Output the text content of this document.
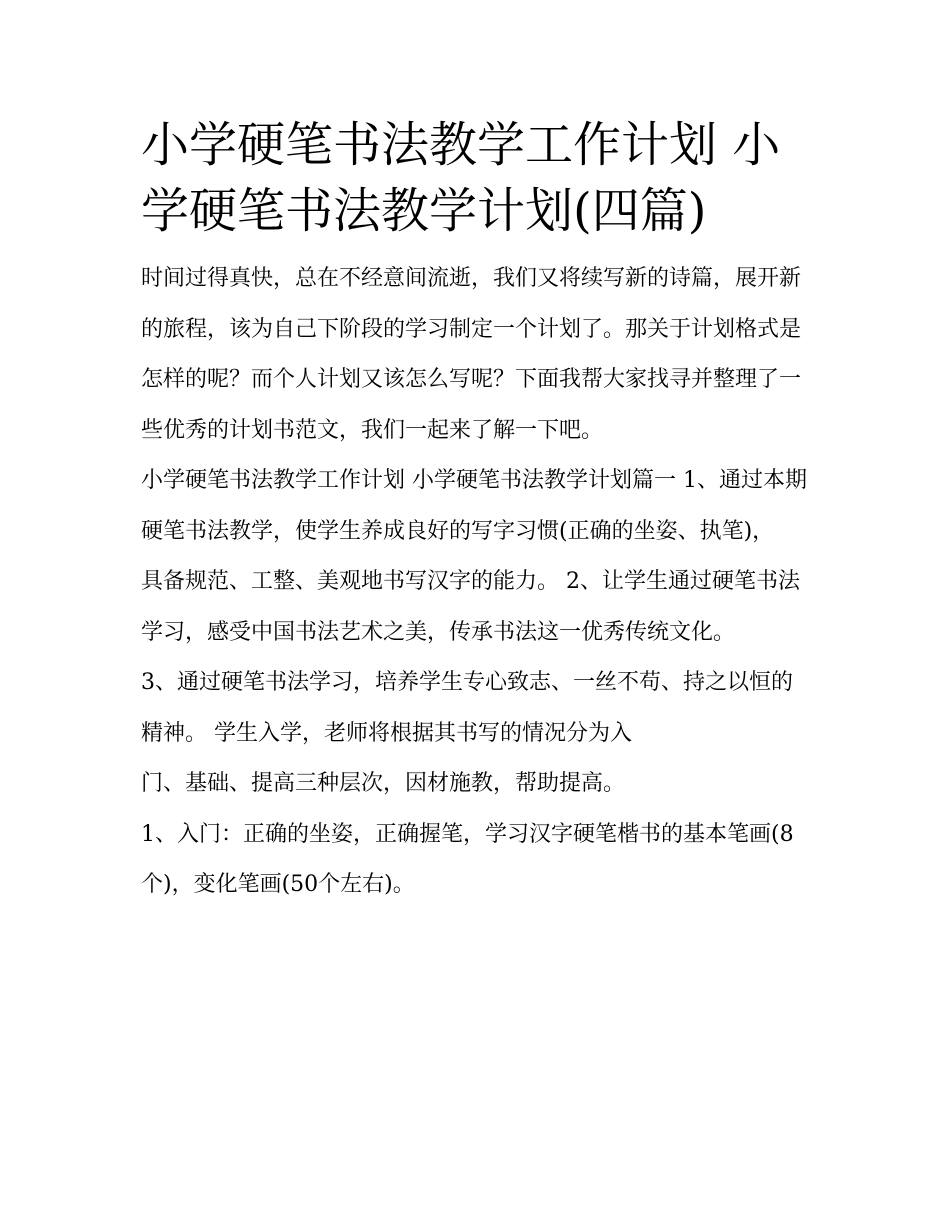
小学硬笔书法教学工作计划 小学硬笔书法教学计划(四篇)

时间过得真快，总在不经意间流逝，我们又将续写新的诗篇，展开新的旅程，该为自己下阶段的学习制定一个计划了。那关于计划格式是怎样的呢？而个人计划又该怎么写呢？下面我帮大家找寻并整理了一些优秀的计划书范文，我们一起来了解一下吧。

小学硬笔书法教学工作计划 小学硬笔书法教学计划篇一 1、通过本期硬笔书法教学，使学生养成良好的写字习惯(正确的坐姿、执笔)，

具备规范、工整、美观地书写汉字的能力。 2、让学生通过硬笔书法学习，感受中国书法艺术之美，传承书法这一优秀传统文化。

3、通过硬笔书法学习，培养学生专心致志、一丝不苟、持之以恒的精神。 学生入学，老师将根据其书写的情况分为入

门、基础、提高三种层次，因材施教，帮助提高。

1、入门：正确的坐姿，正确握笔，学习汉字硬笔楷书的基本笔画(8个)，变化笔画(50个左右)。
